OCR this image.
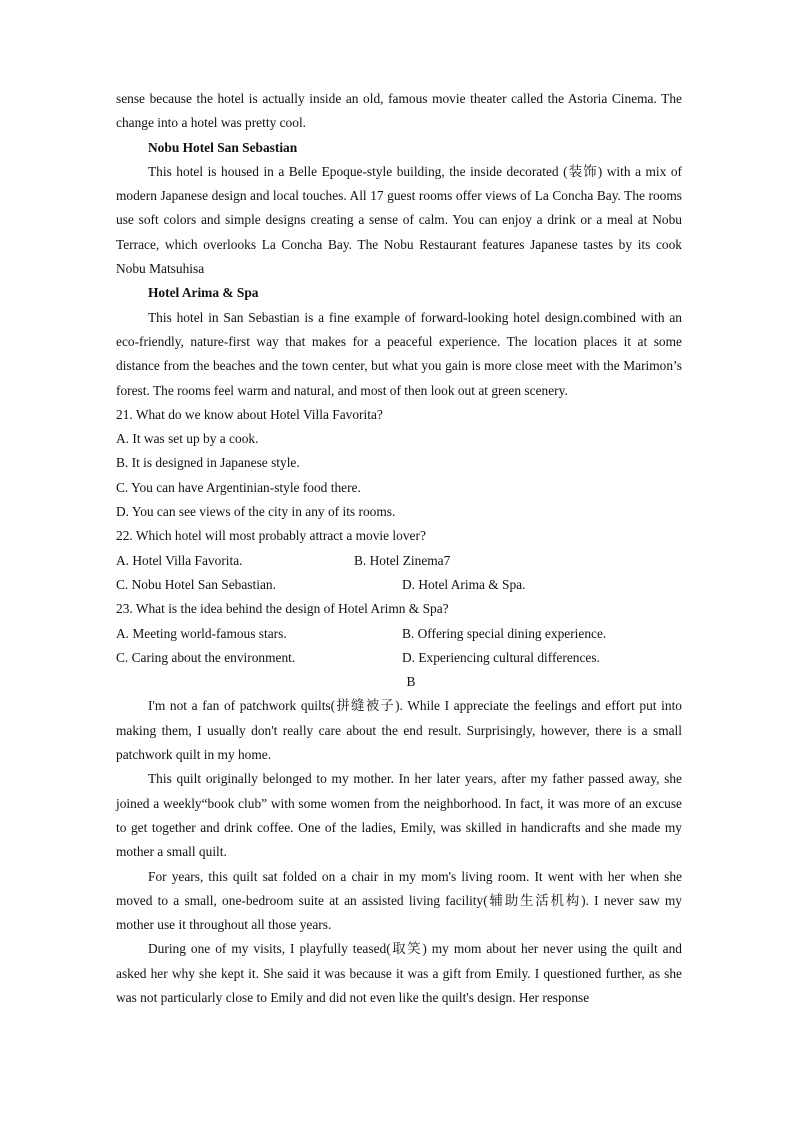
sense because the hotel is actually inside an old, famous movie theater called the Astoria Cinema. The change into a hotel was pretty cool.

Nobu Hotel San Sebastian

This hotel is housed in a Belle Epoque-style building, the inside decorated (装饰) with a mix of modern Japanese design and local touches. All 17 guest rooms offer views of La Concha Bay. The rooms use soft colors and simple designs creating a sense of calm. You can enjoy a drink or a meal at Nobu Terrace, which overlooks La Concha Bay. The Nobu Restaurant features Japanese tastes by its cook Nobu Matsuhisa

Hotel Arima & Spa

This hotel in San Sebastian is a fine example of forward-looking hotel design.combined with an eco-friendly, nature-first way that makes for a peaceful experience. The location places it at some distance from the beaches and the town center, but what you gain is more close meet with the Marimon’s forest. The rooms feel warm and natural, and most of then look out at green scenery.

21. What do we know about Hotel Villa Favorita?

A. It was set up by a cook.

B. It is designed in Japanese style.

C. You can have Argentinian-style food there.

D. You can see views of the city in any of its rooms.

22. Which hotel will most probably attract a movie lover?

A. Hotel Villa Favorita.	B. Hotel Zinema7
C. Nobu Hotel San Sebastian.	D. Hotel Arima & Spa.

23. What is the idea behind the design of Hotel Arimn & Spa?

A. Meeting world-famous stars.	B. Offering special dining experience.
C. Caring about the environment.	D. Experiencing cultural differences.

B

I'm not a fan of patchwork quilts(拼缝被子). While I appreciate the feelings and effort put into making them, I usually don't really care about the end result. Surprisingly, however, there is a small patchwork quilt in my home.

This quilt originally belonged to my mother. In her later years, after my father passed away, she joined a weekly“book club” with some women from the neighborhood. In fact, it was more of an excuse to get together and drink coffee. One of the ladies, Emily, was skilled in handicrafts and she made my mother a small quilt.

For years, this quilt sat folded on a chair in my mom's living room. It went with her when she moved to a small, one-bedroom suite at an assisted living facility(辅助生活机构). I never saw my mother use it throughout all those years.

During one of my visits, I playfully teased(取笑) my mom about her never using the quilt and asked her why she kept it. She said it was because it was a gift from Emily. I questioned further, as she was not particularly close to Emily and did not even like the quilt's design. Her response
